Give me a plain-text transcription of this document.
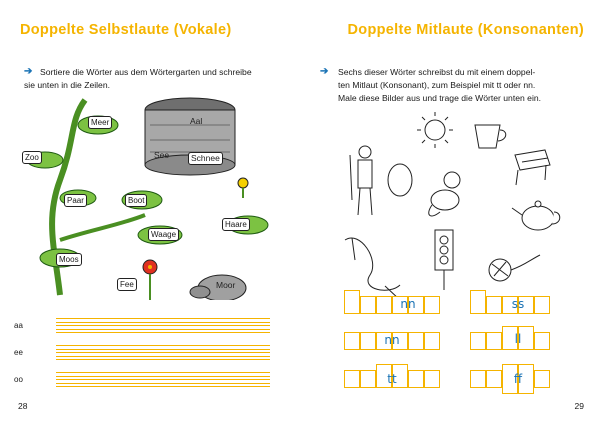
Doppelte Selbstlaute (Vokale)
➔ Sortiere die Wörter aus dem Wörtergarten und schreibe
sie unten in die Zeilen.
Meer
Zoo
Paar	Boot
Waage
Moos
Fee
Aal
See	Schnee
Haare
Moor
aa
ee
oo
28
Doppelte Mitlaute (Konsonanten)
➔ Sechs dieser Wörter schreibst du mit einem doppel-
ten Mitlaut (Konsonant), zum Beispiel mit tt oder nn.
Male diese Bilder aus und trage die Wörter unten ein.
nn	ss
nn	ll
tt	ff
29
